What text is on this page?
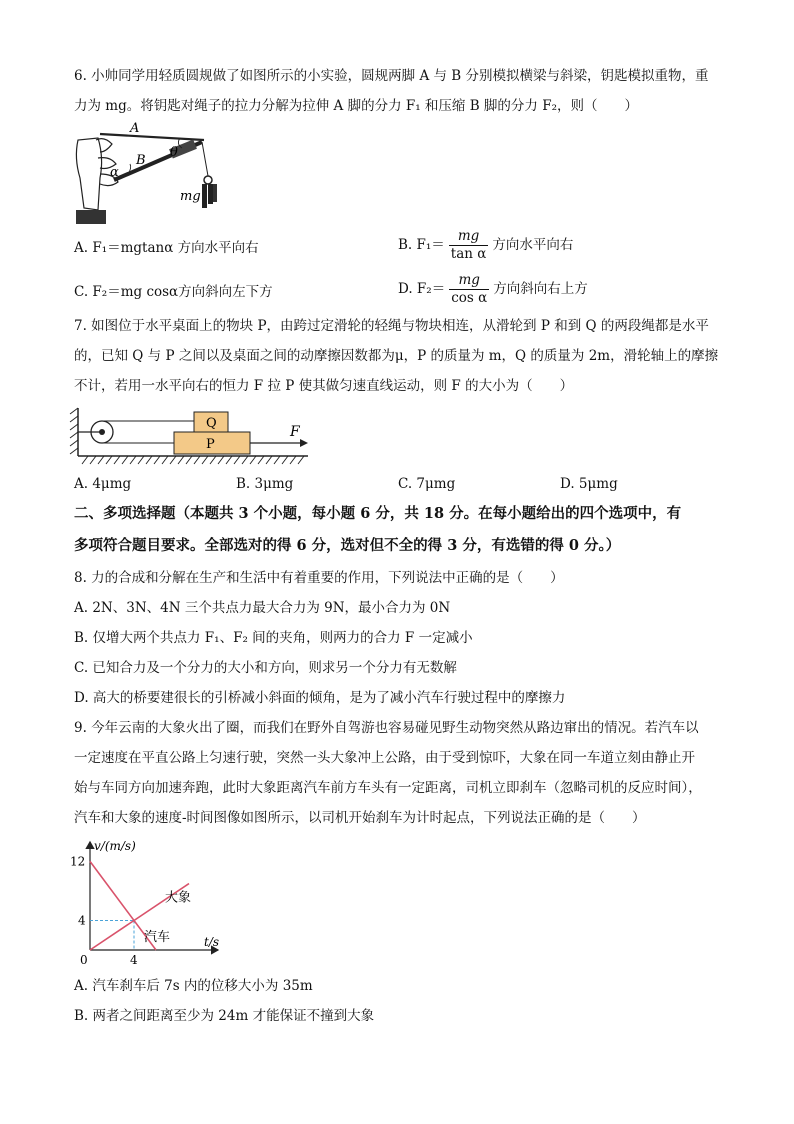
6. 小帅同学用轻质圆规做了如图所示的小实验，圆规两脚 A 与 B 分别模拟横梁与斜梁，钥匙模拟重物，重
力为 mg。将钥匙对绳子的拉力分解为拉伸 A 脚的分力 F₁ 和压缩 B 脚的分力 F₂，则（　　）
A
B
θ
α
mg
A. F₁＝mgtanα 方向水平向右	B. $F_1= \frac{mg}{\text{tan α}}$ 方向水平向右
C. F₂＝mg cosα方向斜向左下方	D. $F_2= \frac{mg}{\text{cos α}}$ 方向斜向右上方
7. 如图位于水平桌面上的物块 P，由跨过定滑轮的轻绳与物块相连，从滑轮到 P 和到 Q 的两段绳都是水平
的，已知 Q 与 P 之间以及桌面之间的动摩擦因数都为μ，P 的质量为 m，Q 的质量为 2m，滑轮轴上的摩擦
不计，若用一水平向右的恒力 F 拉 P 使其做匀速直线运动，则 F 的大小为（　　）
Q
P
F
A. 4μmg	B. 3μmg	C. 7μmg	D. 5μmg
二、多项选择题（本题共 3 个小题，每小题 6 分，共 18 分。在每小题给出的四个选项中，有
多项符合题目要求。全部选对的得 6 分，选对但不全的得 3 分，有选错的得 0 分。）
8. 力的合成和分解在生产和生活中有着重要的作用，下列说法中正确的是（　　）
A. 2N、3N、4N 三个共点力最大合力为 9N，最小合力为 0N
B. 仅增大两个共点力 F₁、F₂ 间的夹角，则两力的合力 F 一定减小
C. 已知合力及一个分力的大小和方向，则求另一个分力有无数解
D. 高大的桥要建很长的引桥减小斜面的倾角，是为了减小汽车行驶过程中的摩擦力
9. 今年云南的大象火出了圈，而我们在野外自驾游也容易碰见野生动物突然从路边窜出的情况。若汽车以
一定速度在平直公路上匀速行驶，突然一头大象冲上公路，由于受到惊吓，大象在同一车道立刻由静止开
始与车同方向加速奔跑，此时大象距离汽车前方车头有一定距离，司机立即刹车（忽略司机的反应时间），
汽车和大象的速度-时间图像如图所示，以司机开始刹车为计时起点，下列说法正确的是（　　）
v/(m/s)
t/s
4
12
0	4
大象
汽车
A. 汽车刹车后 7s 内的位移大小为 35m
B. 两者之间距离至少为 24m 才能保证不撞到大象
